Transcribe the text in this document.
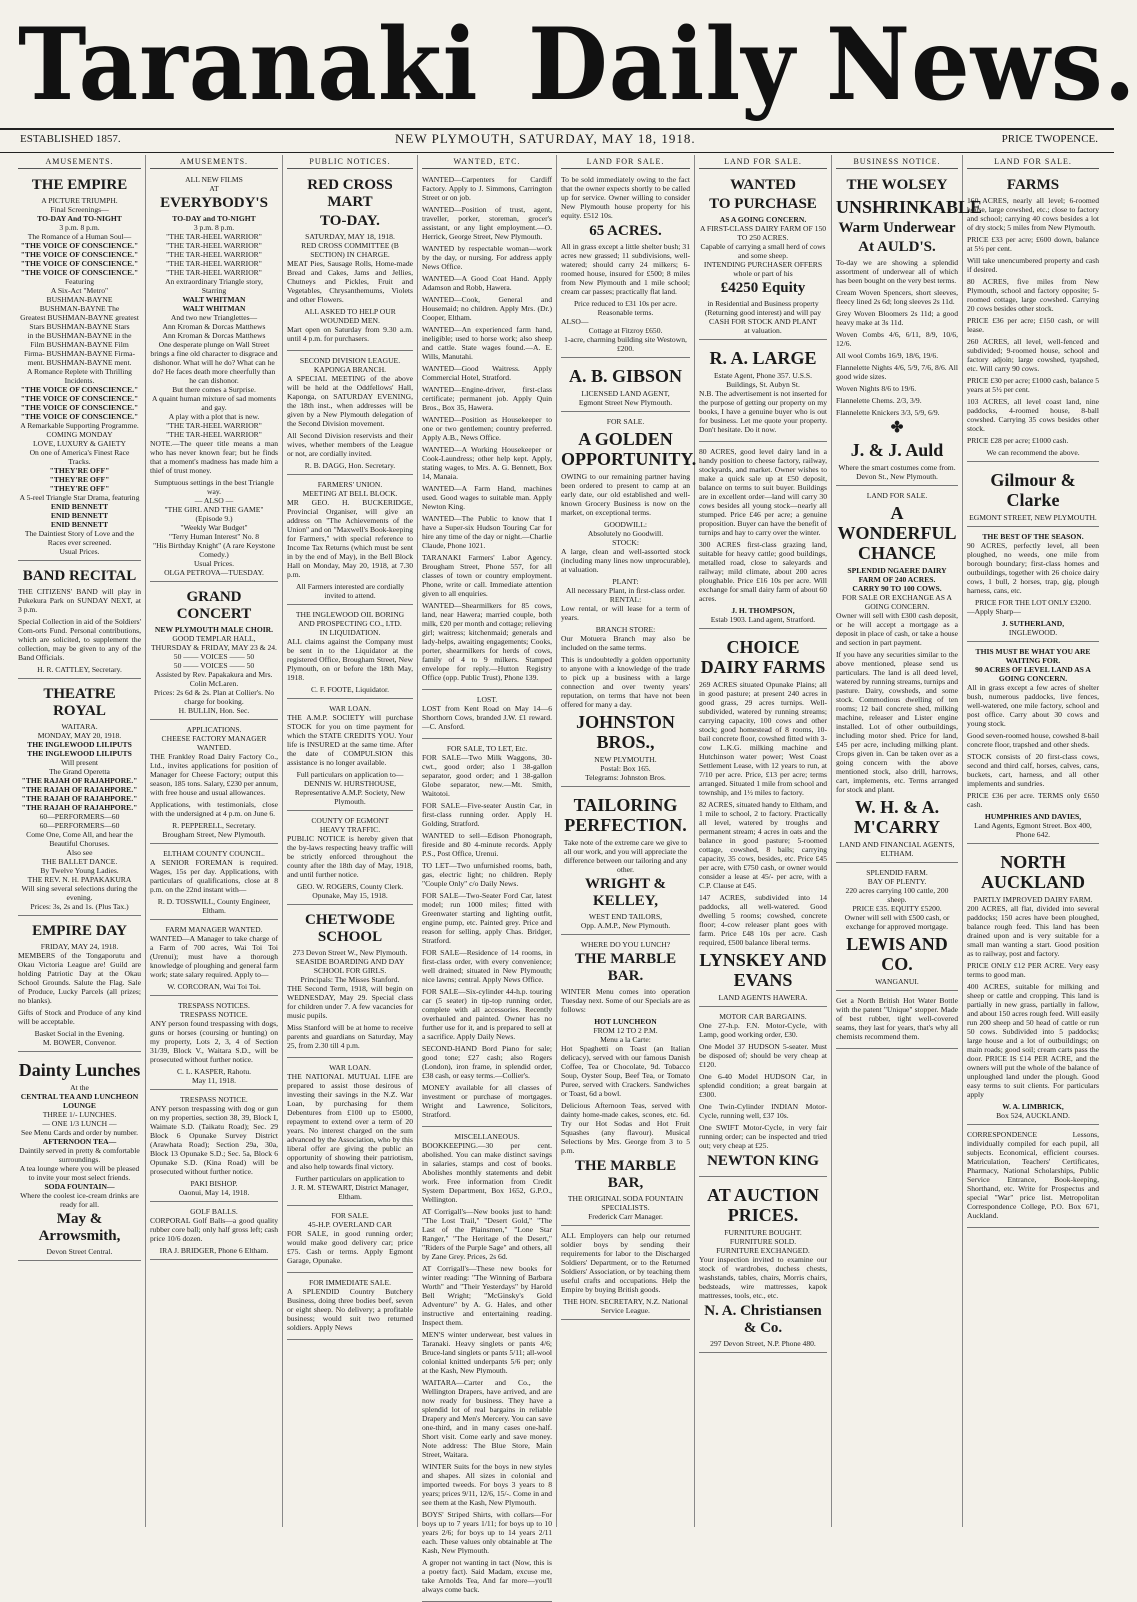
Taranaki Daily News.
ESTABLISHED 1857.	NEW PLYMOUTH, SATURDAY, MAY 18, 1918.	PRICE TWOPENCE.
AMUSEMENTS.

THE EMPIRE

A PICTURE TRIUMPH.

Final Screenings—

TO-DAY And TO-NIGHT

3 p.m. 8 p.m.

The Romance of a Human Soul—

"THE VOICE OF CONSCIENCE."

"THE VOICE OF CONSCIENCE."

"THE VOICE OF CONSCIENCE."

"THE VOICE OF CONSCIENCE."

Featuring

A Six-Act "Metro"

BUSHMAN-BAYNE

BUSHMAN-BAYNE The

Greatest BUSHMAN-BAYNE greatest

Stars BUSHMAN-BAYNE Stars

in the BUSHMAN-BAYNE in the

Film BUSHMAN-BAYNE Film

Firma- BUSHMAN-BAYNE Firma-

ment. BUSHMAN-BAYNE ment.

A Romance Replete with Thrilling Incidents.

"THE VOICE OF CONSCIENCE."

"THE VOICE OF CONSCIENCE."

"THE VOICE OF CONSCIENCE."

"THE VOICE OF CONSCIENCE."

A Remarkable Supporting Programme.

COMING MONDAY

LOVE, LUXURY & GAIETY

On one of America's Finest Race Tracks.

"THEY'RE OFF"

"THEY'RE OFF"

"THEY'RE OFF"

A 5-reel Triangle Star Drama, featuring

ENID BENNETT

ENID BENNETT

ENID BENNETT

The Daintiest Story of Love and the Races ever screened.

Usual Prices.

BAND RECITAL

THE CITIZENS' BAND will play in Pukekura Park on SUNDAY NEXT, at 3 p.m.

Special Collection in aid of the Soldiers' Com-orts Fund. Personal contributions, which are solicited, to supplement the collection, may be given to any of the Band Officials.

H. R. CATTLEY, Secretary.

THEATRE ROYAL

WAITARA.

MONDAY, MAY 20, 1918.

THE INGLEWOOD LILIPUTS

THE INGLEWOOD LILIPUTS

Will present

The Grand Operetta

"THE RAJAH OF RAJAHPORE."

"THE RAJAH OF RAJAHPORE."

"THE RAJAH OF RAJAHPORE."

"THE RAJAH OF RAJAHPORE."

60—PERFORMERS—60

60—PERFORMERS—60

Come One, Come All, and hear the Beautiful Choruses.

Also see

THE BALLET DANCE.

By Twelve Young Ladies.

THE REV. N. H. PAPAKAKURA

Will sing several selections during the evening.

Prices: 3s, 2s and 1s. (Plus Tax.)

EMPIRE DAY

FRIDAY, MAY 24, 1918.

MEMBERS of the Tongaporutu and Okau Victoria League are! Guild are holding Patriotic Day at the Okau School Grounds. Salute the Flag. Sale of Produce, Lucky Parcels (all prizes; no blanks).

Gifts of Stock and Produce of any kind will be acceptable.

Basket Social in the Evening.

M. BOWER, Convenor.

Dainty Lunches

At the

CENTRAL TEA AND LUNCHEON LOUNGE

THREE 1/- LUNCHES.

— ONE 1/3 LUNCH —

See Menu Cards and order by number.

AFTERNOON TEA—

Daintily served in pretty & comfortable surroundings.

A tea lounge where you will be pleased to invite your most select friends.

SODA FOUNTAIN—

Where the coolest ice-cream drinks are ready for all.

May & Arrowsmith,

Devon Street Central.

AMUSEMENTS.

ALL NEW FILMS

AT

EVERYBODY'S

TO-DAY and TO-NIGHT

3 p.m. 8 p.m.

"THE TAR-HEEL WARRIOR"

"THE TAR-HEEL WARRIOR"

"THE TAR-HEEL WARRIOR"

"THE TAR-HEEL WARRIOR"

"THE TAR-HEEL WARRIOR"

An extraordinary Triangle story,

Starring

WALT WHITMAN

WALT WHITMAN

And two new Trianglettes—

Ann Kroman & Dorcas Matthews

Ann Kroman & Dorcas Matthews

One desperate plunge on Wall Street brings a fine old character to disgrace and dishonor. What will he do? What can he do? He faces death more cheerfully than he can dishonor.

But there comes a Surprise.

A quaint human mixture of sad moments and gay.

A play with a plot that is new.

"THE TAR-HEEL WARRIOR"

"THE TAR-HEEL WARRIOR"

NOTE.—The queer title means a man who has never known fear; but he finds that a moment's madness has made him a thief of trust money.

Sumptuous settings in the best Triangle way.

— ALSO —

"THE GIRL AND THE GAME"

(Episode 9.)

"Weekly War Budget"

"Terry Human Interest" No. 8

"His Birthday Knight" (A rare Keystone Comedy.)

Usual Prices.

OLGA PETROVA—TUESDAY.

GRAND CONCERT

NEW PLYMOUTH MALE CHOIR.

GOOD TEMPLAR HALL,

THURSDAY & FRIDAY, MAY 23 & 24.

50 —— VOICES —— 50

50 —— VOICES —— 50

Assisted by Rev. Papakakura and Mrs. Colin McLaren.

Prices: 2s 6d & 2s. Plan at Collier's. No charge for booking.

H. BULLIN, Hon. Sec.

APPLICATIONS.

CHEESE FACTORY MANAGER WANTED.

THE Frankley Road Dairy Factory Co., Ltd., invites applications for position of Manager for Cheese Factory; output this season, 185 tons. Salary, £230 per annum, with free house and usual allowances.

Applications, with testimonials, close with the undersigned at 4 p.m. on June 6.

R. PEPPERELL, Secretary.

Brougham Street, New Plymouth.

ELTHAM COUNTY COUNCIL.

A SENIOR FOREMAN is required. Wages, 15s per day. Applications, with particulars of qualifications, close at 8 p.m. on the 22nd instant with—

R. D. TOSSWILL, County Engineer, Eltham.

FARM MANAGER WANTED.

WANTED—A Manager to take charge of a Farm of 700 acres, Wai Toi Toi (Urenui); must have a thorough knowledge of ploughing and general farm work; state salary required. Apply to—

W. CORCORAN, Wai Toi Toi.

TRESPASS NOTICES.

TRESPASS NOTICE.

ANY person found trespassing with dogs, guns or horses (coursing or hunting) on my property, Lots 2, 3, 4 of Section 31/39, Block V., Waitara S.D., will be prosecuted without further notice.

C. L. KASPER, Rahotu.

May 11, 1918.

TRESPASS NOTICE.

ANY person trespassing with dog or gun on my properties, section 38, 39, Block I, Waimate S.D. (Taikatu Road); Sec. 29 Block 6 Opunake Survey District (Arawhata Road); Section 29a, 30a, Block 13 Opunake S.D.; Sec. 5a, Block 6 Opunake S.D. (Kina Road) will be prosecuted without further notice.

PAKI BISHOP.

Oaonui, May 14, 1918.

GOLF BALLS.

CORPORAL Golf Balls—a good quality rubber core ball; only half gross left; cash price 10/6 dozen.

IRA J. BRIDGER, Phone 6 Eltham.

PUBLIC NOTICES.

RED CROSS MART

TO-DAY.

SATURDAY, MAY 18, 1918.

RED CROSS COMMITTEE (B SECTION) IN CHARGE.

MEAT Pies, Sausage Rolls, Home-made Bread and Cakes, Jams and Jellies, Chutneys and Pickles, Fruit and Vegetables, Chrysanthemums, Violets and other Flowers.

ALL ASKED TO HELP OUR WOUNDED MEN.

Mart open on Saturday from 9.30 a.m. until 4 p.m. for purchasers.

SECOND DIVISION LEAGUE.

KAPONGA BRANCH.

A SPECIAL MEETING of the above will be held at the Oddfellows' Hall, Kaponga, on SATURDAY EVENING, the 18th inst., when addresses will be given by a New Plymouth delegation of the Second Division movement.

All Second Division reservists and their wives, whether members of the League or not, are cordially invited.

R. B. DAGG, Hon. Secretary.

FARMERS' UNION.

MEETING AT BELL BLOCK.

MR GEO. H. BUCKERIDGE, Provincial Organiser, will give an address on "The Achievements of the Union" and on "Maxwell's Book-keeping for Farmers," with special reference to Income Tax Returns (which must be sent in by the end of May), in the Bell Block Hall on Monday, May 20, 1918, at 7.30 p.m.

All Farmers interested are cordially invited to attend.

THE INGLEWOOD OIL BORING AND PROSPECTING CO., LTD.

IN LIQUIDATION.

ALL claims against the Company must be sent in to the Liquidator at the registered Office, Brougham Street, New Plymouth, on or before the 18th May, 1918.

C. F. FOOTE, Liquidator.

WAR LOAN.

THE A.M.P. SOCIETY will purchase STOCK for you on time payment for which the STATE CREDITS YOU. Your life is INSURED at the same time. After the date of COMPULSION this assistance is no longer available.

Full particulars on application to—

DENNIS W. HURSTHOUSE, Representative A.M.P. Society, New Plymouth.

COUNTY OF EGMONT

HEAVY TRAFFIC.

PUBLIC NOTICE is hereby given that the by-laws respecting heavy traffic will be strictly enforced throughout the county after the 18th day of May, 1918, and until further notice.

GEO. W. ROGERS, County Clerk.

Opunake, May 15, 1918.

CHETWODE SCHOOL

273 Devon Street W., New Plymouth.

SEASIDE BOARDING AND DAY SCHOOL FOR GIRLS.

Principals: The Misses Stanford.

THE Second Term, 1918, will begin on WEDNESDAY, May 29. Special class for children under 7. A few vacancies for music pupils.

Miss Stanford will be at home to receive parents and guardians on Saturday, May 25, from 2.30 till 4 p.m.

WAR LOAN.

THE NATIONAL MUTUAL LIFE are prepared to assist those desirous of investing their savings in the N.Z. War Loan, by purchasing for them Debentures from £100 up to £5000, repayment to extend over a term of 20 years. No interest charged on the sum advanced by the Association, who by this liberal offer are giving the public an opportunity of showing their patriotism, and also help towards final victory.

Further particulars on application to

J. R. M. STEWART, District Manager, Eltham.

FOR SALE.

45-H.P. OVERLAND CAR

FOR SALE, in good running order; would make good delivery car; price £75. Cash or terms. Apply Egmont Garage, Opunake.

FOR IMMEDIATE SALE.

A SPLENDID Country Butchery Business, doing three bodies beef, seven or eight sheep. No delivery; a profitable business; would suit two returned soldiers. Apply News

WANTED, ETC.

WANTED—Carpenters for Cardiff Factory. Apply to J. Simmons, Carrington Street or on job.

WANTED—Position of trust, agent, traveller, porker, storeman, grocer's assistant, or any light employment.—O. Herrick, George Street, New Plymouth.

WANTED by respectable woman—work by the day, or nursing. For address apply News Office.

WANTED—A Good Coat Hand. Apply Adamson and Robb, Hawera.

WANTED—Cook, General and Housemaid; no children. Apply Mrs. (Dr.) Cooper, Eltham.

WANTED—An experienced farm hand, ineligible; used to horse work; also sheep and cattle. State wages found.—A. E. Wills, Manutahi.

WANTED—Good Waitress. Apply Commercial Hotel, Stratford.

WANTED—Engine-driver, first-class certificate; permanent job. Apply Quin Bros., Box 35, Hawera.

WANTED—Position as Housekeeper to one or two gentlemen; country preferred. Apply A.B., News Office.

WANTED—A Working Housekeeper or Cook-Laundress; other help kept. Apply, stating wages, to Mrs. A. G. Bennett, Box 14, Manaia.

WANTED—A Farm Hand, machines used. Good wages to suitable man. Apply Newton King.

WANTED—The Public to know that I have a Super-six Hudson Touring Car for hire any time of the day or night.—Charlie Claude, Phone 1021.

TARANAKI Farmers' Labor Agency. Brougham Street, Phone 557, for all classes of town or country employment. Phone, write or call. Immediate attention given to all enquiries.

WANTED—Shearmilkers for 85 cows, land, near Hawera; married couple, both milk, £20 per month and cottage; relieving girl; waitress; kitchenmaid; generals and lady-helps, awaiting engagements; Cooks, porter, shearmilkers for herds of cows, family of 4 to 9 milkers. Stamped envelope for reply.—Hutton Registry Office (opp. Public Trust), Phone 139.

LOST.

LOST from Kent Road on May 14—6 Shorthorn Cows, branded J.W. £1 reward.—C. Ansford.

FOR SALE, TO LET, Etc.

FOR SALE—Two Milk Waggons, 30-cwt., good order; also 1 38-gallon separator, good order; and 1 38-gallon Globe separator, new.—Mt. Smith, Waitotoi.

FOR SALE—Five-seater Austin Car, in first-class running order. Apply H. Golding, Stratford.

WANTED to sell—Edison Phonograph, fireside and 80 4-minute records. Apply P.S., Post Office, Urenui.

TO LET—Two unfurnished rooms, bath, gas, electric light; no children. Reply "Couple Only" c/o Daily News.

FOR SALE—Two-Seater Ford Car, latest model; run 1000 miles; fitted with Greenwater starting and lighting outfit, engine pump, etc. Painted grey. Price and reason for selling, apply Chas. Bridger, Stratford.

FOR SALE—Residence of 14 rooms, in first-class order, with every convenience; well drained; situated in New Plymouth; nice lawns; central. Apply News Office.

FOR SALE—Six-cylinder 44-h.p. touring car (5 seater) in tip-top running order, complete with all accessories. Recently overhauled and painted. Owner has no further use for it, and is prepared to sell at a sacrifice. Apply Daily News.

SECOND-HAND Bord Piano for sale; good tone; £27 cash; also Rogers (London), iron frame, in splendid order, £38 cash, or easy terms.—Collier's.

MONEY available for all classes of investment or purchase of mortgages. Wright and Lawrence, Solicitors, Stratford.

MISCELLANEOUS.

BOOKKEEPING.—30 per cent. abolished. You can make distinct savings in salaries, stamps and cost of books. Abolishes monthly statements and debit work. Free information from Credit System Department, Box 1652, G.P.O., Wellington.

AT Corrigall's—New books just to hand: "The Lost Trail," "Desert Gold," "The Last of the Plainsmen," "Lone Star Ranger," "The Heritage of the Desert," "Riders of the Purple Sage" and others, all by Zane Grey. Prices, 2s 6d.

AT Corrigall's—These new books for winter reading: "The Winning of Barbara Worth" and "Their Yesterdays" by Harold Bell Wright; "McGinsky's Gold Adventure" by A. G. Hales, and other instructive and entertaining reading. Inspect them.

MEN'S winter underwear, best values in Taranaki. Heavy singlets or pants 4/6; Bruce-land singlets or pants 5/11; all-wool colonial knitted underpants 5/6 per; only at the Kash, New Plymouth.

WAITARA—Carter and Co., the Wellington Drapers, have arrived, and are now ready for business. They have a splendid lot of real bargains in reliable Drapery and Men's Mercery. You can save one-third, and in many cases one-half. Short visit. Come early and save money. Note address: The Blue Store, Main Street, Waitara.

WINTER Suits for the boys in new styles and shapes. All sizes in colonial and imported tweeds. For boys 3 years to 8 years; prices 9/11, 12/6, 15/-. Come in and see them at the Kash, New Plymouth.

BOYS' Striped Shirts, with collars—For boys up to 7 years 1/11; for boys up to 10 years 2/6; for boys up to 14 years 2/11 each. These values only obtainable at The Kash, New Plymouth.

A groper not wanting in tact (Now, this is a poetry fact). Said Madam, excuse me, take Arnolds Tea, And far more—you'll always come back.

LAND FOR SALE.

To be sold immediately owing to the fact that the owner expects shortly to be called up for service. Owner willing to consider New Plymouth house property for his equity. £512 10s.

65 ACRES.

All in grass except a little shelter bush; 31 acres new grassed; 11 subdivisions, well-watered; should carry 24 milkers; 6-roomed house, insured for £500; 8 miles from New Plymouth and 1 mile school; cream car passes; practically flat land.

Price reduced to £31 10s per acre. Reasonable terms.

ALSO—

Cottage at Fitzroy £650.

1-acre, charming building site Westown, £200.

A. B. GIBSON

LICENSED LAND AGENT,

Egmont Street New Plymouth.

FOR SALE.

A GOLDEN OPPORTUNITY.

OWING to our remaining partner having been ordered to present to camp at an early date, our old established and well-known Grocery Business is now on the market, on exceptional terms.

GOODWILL:

Absolutely no Goodwill.

STOCK:

A large, clean and well-assorted stock (including many lines now unprocurable), at valuation.

PLANT:

All necessary Plant, in first-class order.

RENTAL:

Low rental, or will lease for a term of years.

BRANCH STORE:

Our Motuera Branch may also be included on the same terms.

This is undoubtedly a golden opportunity to anyone with a knowledge of the trade to pick up a business with a large connection and over twenty years' reputation, on terms that have not been offered for many a day.

JOHNSTON BROS.,

NEW PLYMOUTH.

Postal: Box 165.

Telegrams: Johnston Bros.

TAILORING PERFECTION.

Take note of the extreme care we give to all our work, and you will appreciate the difference between our tailoring and any other.

WRIGHT & KELLEY,

WEST END TAILORS,

Opp. A.M.P., New Plymouth.

WHERE DO YOU LUNCH?

THE MARBLE BAR.

WINTER Menu comes into operation Tuesday next. Some of our Specials are as follows:

HOT LUNCHEON

FROM 12 TO 2 P.M.

Menu a la Carte:

Hot Spaghetti on Toast (an Italian delicacy), served with our famous Danish Coffee, Tea or Chocolate, 9d. Tobacco Soup, Oyster Soup, Beef Tea, or Tomato Puree, served with Crackers. Sandwiches or Toast, 6d a bowl.

Delicious Afternoon Teas, served with dainty home-made cakes, scones, etc. 6d. Try our Hot Sodas and Hot Fruit Squashes (any flavour). Musical Selections by Mrs. George from 3 to 5 p.m.

THE MARBLE BAR,

THE ORIGINAL SODA FOUNTAIN SPECIALISTS.

Frederick Carr Manager.

ALL Employers can help our returned soldier boys by sending their requirements for labor to the Discharged Soldiers' Department, or to the Returned Soldiers' Association, or by teaching them useful crafts and occupations. Help the Empire by buying British goods.

THE HON. SECRETARY, N.Z. National Service League.

LAND FOR SALE.

WANTED

TO PURCHASE

AS A GOING CONCERN.

A FIRST-CLASS DAIRY FARM OF 150 TO 250 ACRES.

Capable of carrying a small herd of cows and some sheep.

INTENDING PURCHASER OFFERS

whole or part of his

£4250 Equity

in Residential and Business property (Returning good interest) and will pay

CASH FOR STOCK AND PLANT

at valuation.

R. A. LARGE

Estate Agent, Phone 357. U.S.S. Buildings, St. Aubyn St.

N.B. The advertisement is not inserted for the purpose of getting our property on my books, I have a genuine buyer who is out for business. Let me quote your property. Don't hesitate. Do it now.

80 ACRES, good level dairy land in a handy position to cheese factory, railway, stockyards, and market. Owner wishes to make a quick sale up at £50 deposit, balance on terms to suit buyer. Buildings are in excellent order—land will carry 30 cows besides all young stock—nearly all stumped. Price £46 per acre; a genuine proposition. Buyer can have the benefit of turnips and hay to carry over the winter.

300 ACRES first-class grazing land, suitable for heavy cattle; good buildings, metalled road, close to saleyards and railway; mild climate, about 200 acres ploughable. Price £16 10s per acre. Will exchange for small dairy farm of about 60 acres.

J. H. THOMPSON,

Estab 1903. Land agent, Stratford.

CHOICE DAIRY FARMS

269 ACRES situated Opunake Plains; all in good pasture; at present 240 acres in good grass, 29 acres turnips. Well-subdivided, watered by running streams; carrying capacity, 100 cows and other stock; good homestead of 8 rooms, 10-bail concrete floor, cowshed fitted with 3-cow L.K.G. milking machine and Hutchinson water power; West Coast Settlement Lease, with 12 years to run, at 7/10 per acre. Price, £13 per acre; terms arranged. Situated 1 mile from school and township, and 1½ miles to factory.

82 ACRES, situated handy to Eltham, and 1 mile to school, 2 to factory. Practically all level, watered by troughs and permanent stream; 4 acres in oats and the balance in good pasture; 5-roomed cottage, cowshed, 8 bails; carrying capacity, 35 cows, besides, etc. Price £45 per acre, with £750 cash, or owner would consider a lease at 45/- per acre, with a C.P. Clause at £45.

147 ACRES, subdivided into 14 paddocks, all well-watered. Good dwelling 5 rooms; cowshed, concrete floor; 4-cow releaser plant goes with farm. Price £48 10s per acre. Cash required, £500 balance liberal terms.

LYNSKEY AND EVANS

LAND AGENTS HAWERA.

MOTOR CAR BARGAINS.

One 27-h.p. F.N. Motor-Cycle, with Lamp, good working order, £30.

One Model 37 HUDSON 5-seater. Must be disposed of; should be very cheap at £120.

One 6-40 Model HUDSON Car, in splendid condition; a great bargain at £300.

One Twin-Cylinder INDIAN Motor-Cycle, running well, £37 10s.

One SWIFT Motor-Cycle, in very fair running order; can be inspected and tried out; very cheap at £25.

NEWTON KING

AT AUCTION PRICES.

FURNITURE BOUGHT.

FURNITURE SOLD.

FURNITURE EXCHANGED.

Your inspection invited to examine our stock of wardrobes, duchess chests, washstands, tables, chairs, Morris chairs, bedsteads, wire mattresses, kapok mattresses, tools, etc., etc.

N. A. Christiansen & Co.

297 Devon Street, N.P. Phone 480.

BUSINESS NOTICE.

THE WOLSEY

UNSHRINKABLE

Warm Underwear

At AULD'S.

To-day we are showing a splendid assortment of underwear all of which has been bought on the very best terms.

Cream Woven Spencers, short sleeves, fleecy lined 2s 6d; long sleeves 2s 11d.

Grey Woven Bloomers 2s 11d; a good heavy make at 3s 11d.

Woven Combs 4/6, 6/11, 8/9, 10/6, 12/6.

All wool Combs 16/9, 18/6, 19/6.

Flannelette Nights 4/6, 5/9, 7/6, 8/6. All good wide sizes.

Woven Nights 8/6 to 19/6.

Flannelette Chems. 2/3, 3/9.

Flannelette Knickers 3/3, 5/9, 6/9.

✤

J. & J. Auld

Where the smart costumes come from.

Devon St., New Plymouth.

LAND FOR SALE.

A WONDERFUL CHANCE

SPLENDID NGAERE DAIRY FARM OF 240 ACRES.

CARRY 90 TO 100 COWS.

FOR SALE OR EXCHANGE AS A GOING CONCERN.

Owner will sell with £300 cash deposit, or he will accept a mortgage as a deposit in place of cash, or take a house and section in part payment.

If you have any securities similar to the above mentioned, please send us particulars. The land is all deed level, watered by running streams, turnips and pasture. Dairy, cowsheds, and some stock. Commodious dwelling of ten rooms; 12 bail concrete shed, milking machine, releaser and Lister engine installed. Lot of other outbuildings, including motor shed. Price for land, £45 per acre, including milking plant. Crops given in. Can be taken over as a going concern with the above mentioned stock, also drill, harrows, cart, implements, etc. Terms arranged for stock and plant.

W. H. & A. M'CARRY

LAND AND FINANCIAL AGENTS, ELTHAM.

SPLENDID FARM.

BAY OF PLENTY.

220 acres carrying 100 cattle, 200 sheep.

PRICE £35. EQUITY £5200.

Owner will sell with £500 cash, or exchange for approved mortgage.

LEWIS AND CO.

WANGANUI.

Get a North British Hot Water Bottle with the patent "Unique" stopper. Made of best rubber, tight well-covered seams, they last for years, that's why all chemists recommend them.

LAND FOR SALE.

FARMS

160 ACRES, nearly all level; 6-roomed house, large cowshed, etc.; close to factory and school; carrying 40 cows besides a lot of dry stock; 5 miles from New Plymouth.

PRICE £33 per acre; £600 down, balance at 5½ per cent.

Will take unencumbered property and cash if desired.

80 ACRES, five miles from New Plymouth, school and factory opposite; 5-roomed cottage, large cowshed. Carrying 20 cows besides other stock.

PRICE £36 per acre; £150 cash, or will lease.

260 ACRES, all level, well-fenced and subdivided; 9-roomed house, school and factory adjoin; large cowshed, tyapshed, etc. Will carry 90 cows.

PRICE £30 per acre; £1000 cash, balance 5 years at 5½ per cent.

103 ACRES, all level coast land, nine paddocks, 4-roomed house, 8-ball cowshed. Carrying 35 cows besides other stock.

PRICE £28 per acre; £1000 cash.

We can recommend the above.

Gilmour & Clarke

EGMONT STREET, NEW PLYMOUTH.

THE BEST OF THE SEASON.

90 ACRES, perfectly level, all been ploughed, no weeds, one mile from borough boundary; first-class homes and outbuildings, together with 26 choice dairy cows, 1 bull, 2 horses, trap, gig, plough harness, cans, etc.

PRICE FOR THE LOT ONLY £3200.

—Apply Sharp—

J. SUTHERLAND,

INGLEWOOD.

THIS MUST BE WHAT YOU ARE WAITING FOR.

90 ACRES OF LEVEL LAND AS A GOING CONCERN.

All in grass except a few acres of shelter bush, numerous paddocks, live fences, well-watered, one mile factory, school and post office. Carry about 30 cows and young stock.

Good seven-roomed house, cowshed 8-bail concrete floor, trapshed and other sheds.

STOCK consists of 20 first-class cows, second and third calf, horses, calves, cans, buckets, cart, harness, and all other implements and sundries.

PRICE £36 per acre. TERMS only £650 cash.

HUMPHRIES AND DAVIES,

Land Agents, Egmont Street. Box 400, Phone 642.

NORTH AUCKLAND

PARTLY IMPROVED DAIRY FARM.

200 ACRES, all flat, divided into several paddocks; 150 acres have been ploughed, balance rough feed. This land has been drained upon and is very suitable for a small man wanting a start. Good position as to railway, post and factory.

PRICE ONLY £12 PER ACRE. Very easy terms to good man.

400 ACRES, suitable for milking and sheep or cattle and cropping. This land is partially in new grass, partially in fallow, and about 150 acres rough feed. Will easily run 200 sheep and 50 head of cattle or run 50 cows. Subdivided into 5 paddocks; large house and a lot of outbuildings; on main roads; good soil; cream carts pass the door. PRICE IS £14 PER ACRE, and the owners will put the whole of the balance of unploughed land under the plough. Good easy terms to suit clients. For particulars apply

W. A. LIMBRICK,

Box 524, AUCKLAND.

CORRESPONDENCE Lessons, individually compiled for each pupil, all subjects. Economical, efficient courses. Matriculation, Teachers' Certificates, Pharmacy, National Scholarships, Public Service Entrance, Book-keeping, Shorthand, etc. Write for Prospectus and special "War" price list. Metropolitan Correspondence College, P.O. Box 671, Auckland.
